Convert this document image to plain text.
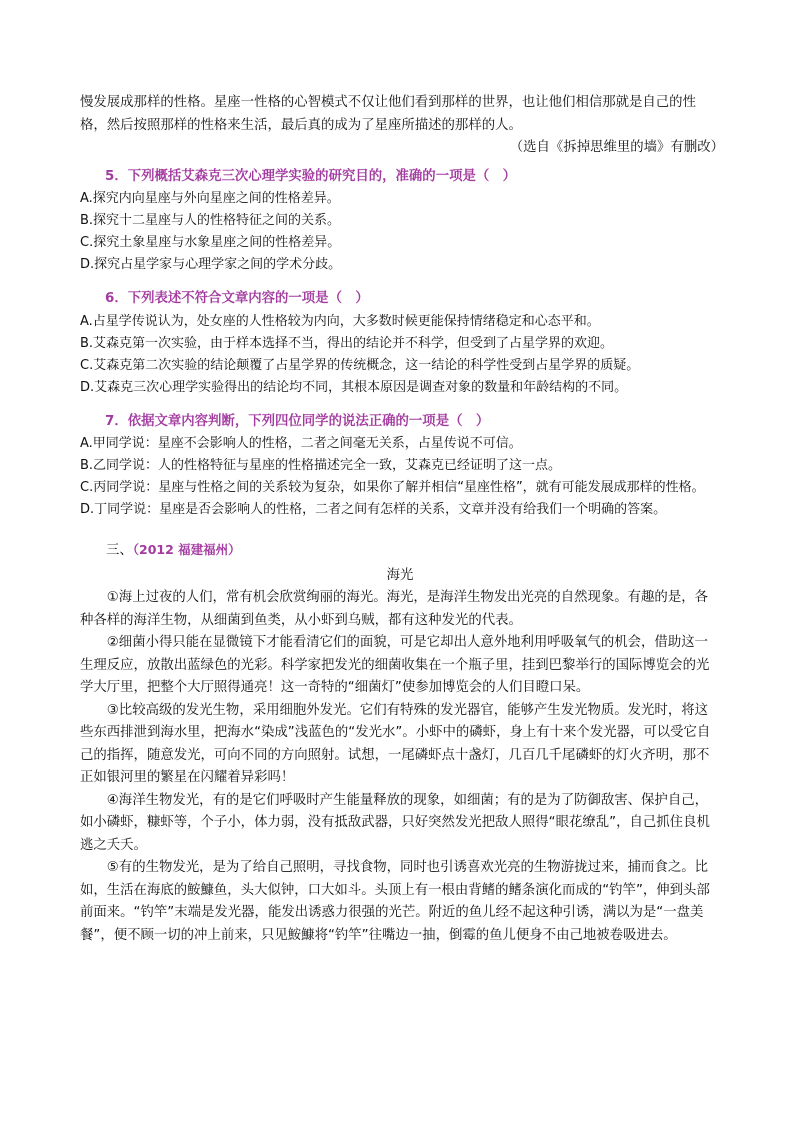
慢发展成那样的性格。星座一性格的心智模式不仅让他们看到那样的世界，也让他们相信那就是自己的性格，然后按照那样的性格来生活，最后真的成为了星座所描述的那样的人。

（选自《拆掉思维里的墙》有删改）

5．下列概括艾森克三次心理学实验的研究目的，准确的一项是（　）

A.探究内向星座与外向星座之间的性格差异。

B.探究十二星座与人的性格特征之间的关系。

C.探究土象星座与水象星座之间的性格差异。

D.探究占星学家与心理学家之间的学术分歧。

6．下列表述不符合文章内容的一项是（　）

A.占星学传说认为，处女座的人性格较为内向，大多数时候更能保持情绪稳定和心态平和。

B.艾森克第一次实验，由于样本选择不当，得出的结论并不科学，但受到了占星学界的欢迎。

C.艾森克第二次实验的结论颠覆了占星学界的传统概念，这一结论的科学性受到占星学界的质疑。

D.艾森克三次心理学实验得出的结论均不同，其根本原因是调查对象的数量和年龄结构的不同。

7．依据文章内容判断，下列四位同学的说法正确的一项是（　）

A.甲同学说：星座不会影响人的性格，二者之间毫无关系，占星传说不可信。

B.乙同学说：人的性格特征与星座的性格描述完全一致，艾森克已经证明了这一点。

C.丙同学说：星座与性格之间的关系较为复杂，如果你了解并相信“星座性格”，就有可能发展成那样的性格。

D.丁同学说：星座是否会影响人的性格，二者之间有怎样的关系，文章并没有给我们一个明确的答案。

三、（2012 福建福州）

海光

①海上过夜的人们，常有机会欣赏绚丽的海光。海光，是海洋生物发出光亮的自然现象。有趣的是，各种各样的海洋生物，从细菌到鱼类，从小虾到乌贼，都有这种发光的代表。

②细菌小得只能在显微镜下才能看清它们的面貌，可是它却出人意外地利用呼吸氧气的机会，借助这一生理反应，放散出蓝绿色的光彩。科学家把发光的细菌收集在一个瓶子里，挂到巴黎举行的国际博览会的光学大厅里，把整个大厅照得通亮！这一奇特的“细菌灯”使参加博览会的人们目瞪口呆。

③比较高级的发光生物，采用细胞外发光。它们有特殊的发光器官，能够产生发光物质。发光时，将这些东西排泄到海水里，把海水“染成”浅蓝色的“发光水”。小虾中的磷虾，身上有十来个发光器，可以受它自己的指挥，随意发光，可向不同的方向照射。试想，一尾磷虾点十盏灯，几百几千尾磷虾的灯火齐明，那不正如银河里的繁星在闪耀着异彩吗！

④海洋生物发光，有的是它们呼吸时产生能量释放的现象，如细菌；有的是为了防御敌害、保护自己，如小磷虾，糠虾等，个子小，体力弱，没有抵敌武器，只好突然发光把敌人照得“眼花缭乱”，自己抓住良机逃之夭夭。

⑤有的生物发光，是为了给自己照明，寻找食物，同时也引诱喜欢光亮的生物游拢过来，捕而食之。比如，生活在海底的鮟鱇鱼，头大似钟，口大如斗。头顶上有一根由背鳍的鳍条演化而成的“钓竿”，伸到头部前面来。“钓竿”末端是发光器，能发出诱惑力很强的光芒。附近的鱼儿经不起这种引诱，满以为是“一盘美餐”，便不顾一切的冲上前来，只见鮟鱇将“钓竿”往嘴边一抽，倒霉的鱼儿便身不由己地被卷吸进去。
